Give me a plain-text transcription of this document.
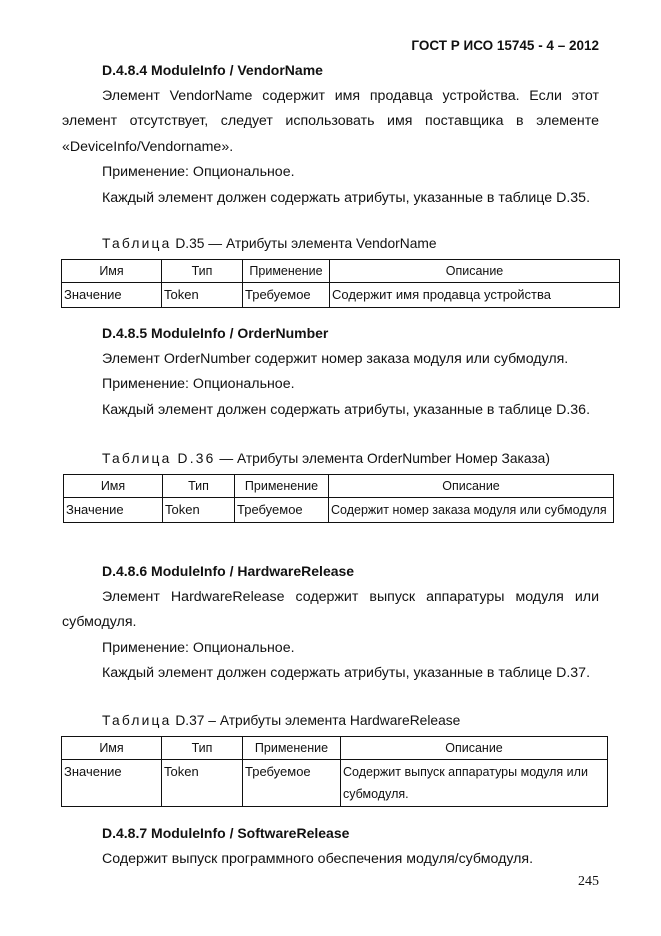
ГОСТ Р ИСО 15745 - 4 – 2012
D.4.8.4 ModuleInfo / VendorName

Элемент VendorName содержит имя продавца устройства. Если этот элемент отсутствует, следует использовать имя поставщика в элементе «DeviceInfo/Vendorname».

Применение: Опциональное.

Каждый элемент должен содержать атрибуты, указанные в таблице D.35.

Таблица D.35 — Атрибуты элемента VendorName
Имя	Тип	Применение	Описание
Значение	Token	Требуемое	Содержит имя продавца устройства
D.4.8.5 ModuleInfo / OrderNumber

Элемент OrderNumber содержит номер заказа модуля или субмодуля.

Применение: Опциональное.

Каждый элемент должен содержать атрибуты, указанные в таблице D.36.

Таблица D.36 — Атрибуты элемента OrderNumber Номер Заказа)
Имя	Тип	Применение	Описание
Значение	Token	Требуемое	Содержит номер заказа модуля или субмодуля
D.4.8.6 ModuleInfo / HardwareRelease

Элемент HardwareRelease содержит выпуск аппаратуры модуля или субмодуля.

Применение: Опциональное.

Каждый элемент должен содержать атрибуты, указанные в таблице D.37.

Таблица D.37 – Атрибуты элемента HardwareRelease
Имя	Тип	Применение	Описание
Значение	Token	Требуемое	Содержит выпуск аппаратуры модуля или субмодуля.
D.4.8.7 ModuleInfo / SoftwareRelease

Содержит выпуск программного обеспечения модуля/субмодуля.

245
